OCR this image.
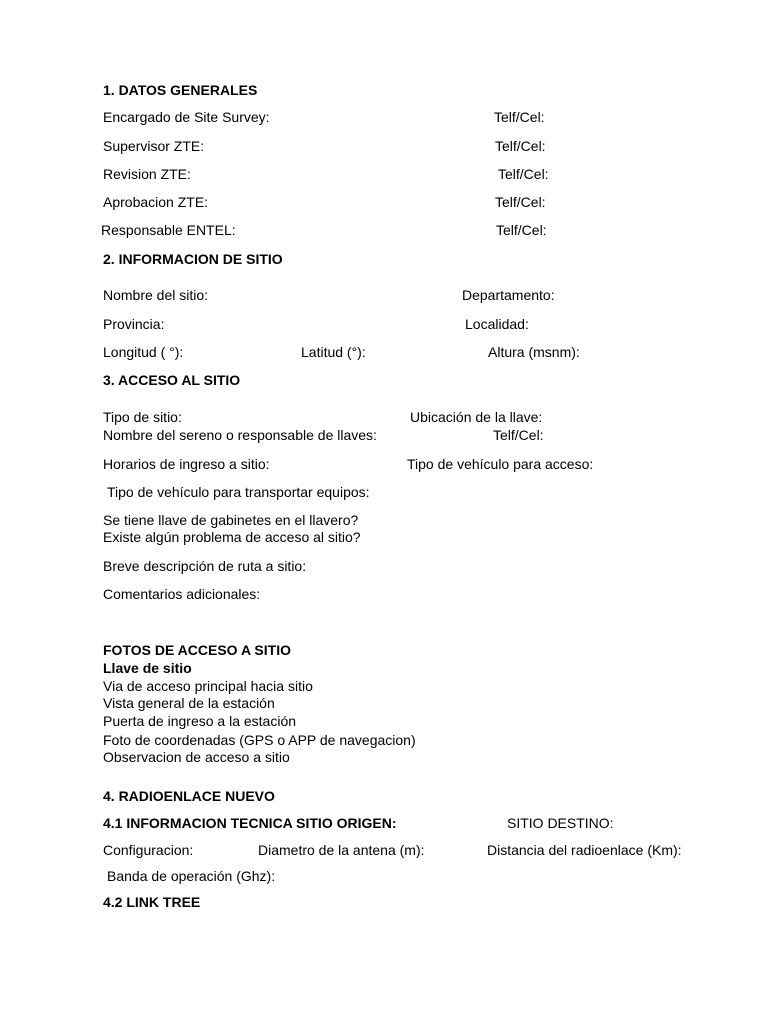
1. DATOS GENERALES
Encargado de Site Survey:	Telf/Cel:
Supervisor ZTE:	Telf/Cel:
Revision ZTE:	Telf/Cel:
Aprobacion ZTE:	Telf/Cel:
Responsable ENTEL:	Telf/Cel:
2. INFORMACION DE SITIO
Nombre del sitio:	Departamento:
Provincia:	Localidad:
Longitud ( °):	Latitud (°):	Altura (msnm):
3. ACCESO AL SITIO
Tipo de sitio:	Ubicación de la llave:
Nombre del sereno o responsable de llaves:	Telf/Cel:
Horarios de ingreso a sitio:	Tipo de vehículo para acceso:
Tipo de vehículo para transportar equipos:
Se tiene llave de gabinetes en el llavero?
Existe algún problema de acceso al sitio?
Breve descripción de ruta a sitio:
Comentarios adicionales:
FOTOS DE ACCESO A SITIO
Llave de sitio
Via de acceso principal hacia sitio
Vista general de la estación
Puerta de ingreso a la estación
Foto de coordenadas (GPS o APP de navegacion)
Observacion de acceso a sitio
4. RADIOENLACE NUEVO
4.1 INFORMACION TECNICA SITIO ORIGEN:	SITIO DESTINO:
Configuracion:	Diametro de la antena (m):	Distancia del radioenlace (Km):
Banda de operación (Ghz):
4.2 LINK TREE
